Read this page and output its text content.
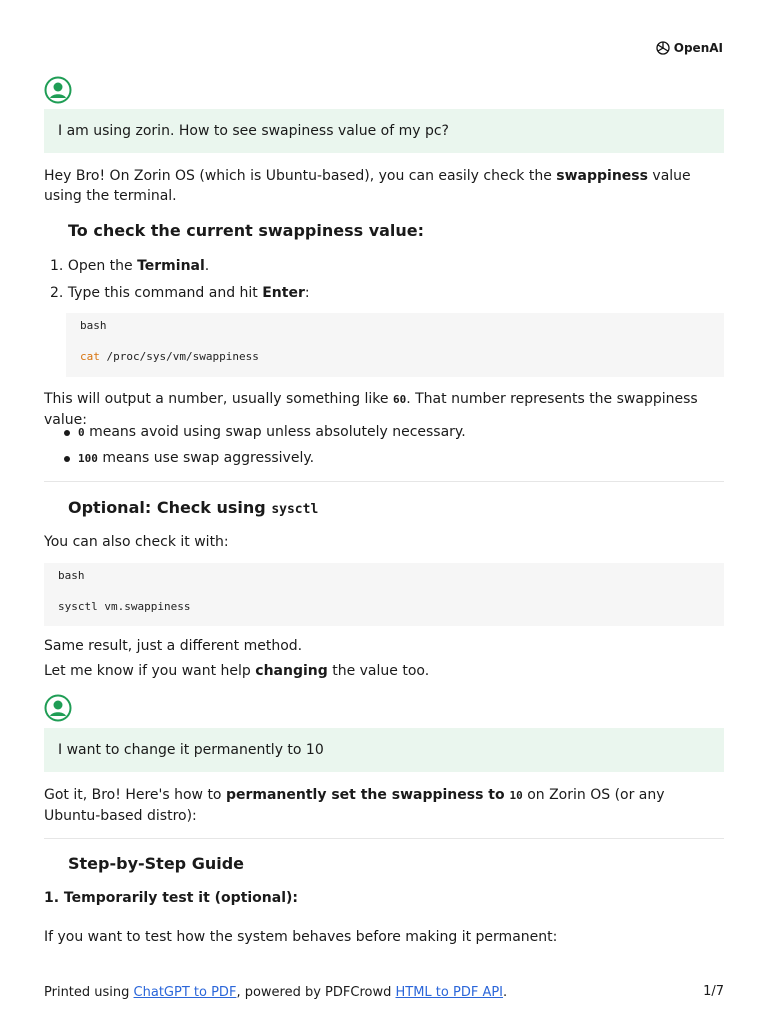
OpenAI
I am using zorin. How to see swapiness value of my pc?

Hey Bro! On Zorin OS (which is Ubuntu-based), you can easily check the swappiness value using the terminal.

To check the current swappiness value:
1. Open the Terminal.
2. Type this command and hit Enter:
bash
cat /proc/sys/vm/swappiness

This will output a number, usually something like 60. That number represents the swappiness value:

0 means avoid using swap unless absolutely necessary.
100 means use swap aggressively.
Optional: Check using sysctl

You can also check it with:

bash
sysctl vm.swappiness

Same result, just a different method.

Let me know if you want help changing the value too.

I want to change it permanently to 10

Got it, Bro! Here's how to permanently set the swappiness to 10 on Zorin OS (or any Ubuntu-based distro):

Step-by-Step Guide
1. Temporarily test it (optional):

If you want to test how the system behaves before making it permanent:

Printed using ChatGPT to PDF, powered by PDFCrowd HTML to PDF API.	1/7
